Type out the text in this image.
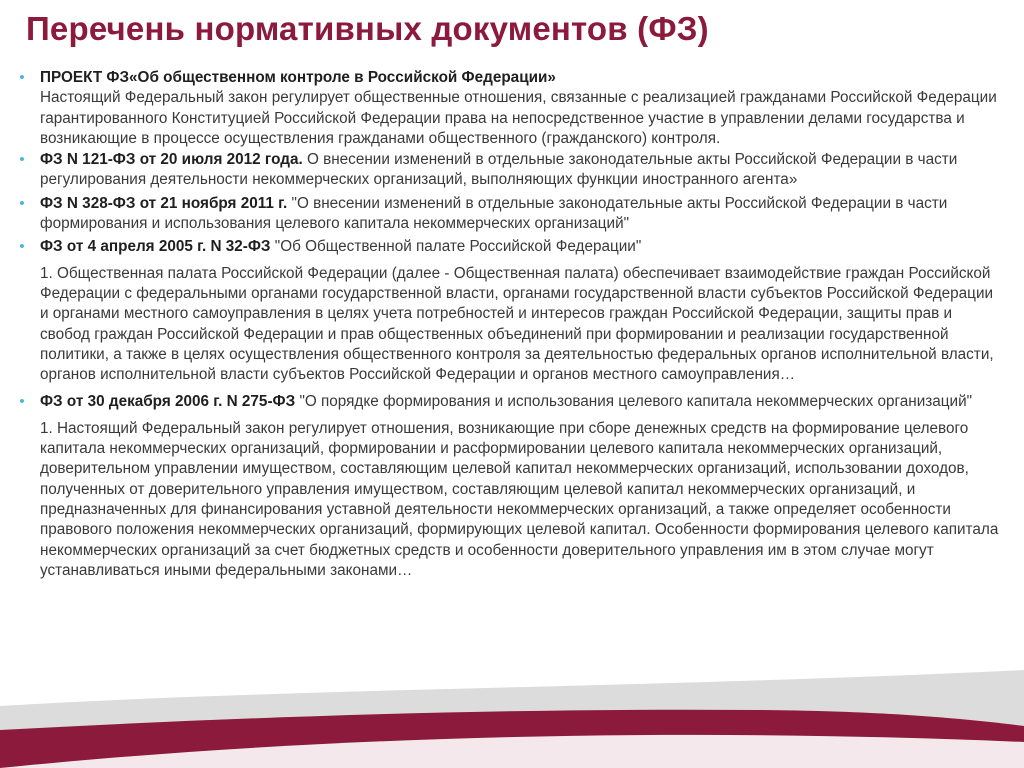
Перечень нормативных документов (ФЗ)
•	ПРОЕКТ ФЗ«Об общественном контроле в Российской Федерации»
Настоящий Федеральный закон регулирует общественные отношения, связанные с реализацией гражданами Российской Федерации гарантированного Конституцией Российской Федерации права на непосредственное участие в управлении делами государства и возникающие в процессе осуществления гражданами общественного (гражданского) контроля.
•	ФЗ N 121-ФЗ от 20 июля 2012 года. О внесении изменений в отдельные законодательные акты Российской Федерации в части регулирования деятельности некоммерческих организаций, выполняющих функции иностранного агента»
•	ФЗ N 328-ФЗ от 21 ноября 2011 г. "О внесении изменений в отдельные законодательные акты Российской Федерации в части формирования и использования целевого капитала некоммерческих организаций"
•	ФЗ от 4 апреля 2005 г. N 32-ФЗ "Об Общественной палате Российской Федерации"
1. Общественная палата Российской Федерации (далее - Общественная палата) обеспечивает взаимодействие граждан Российской Федерации с федеральными органами государственной власти, органами государственной власти субъектов Российской Федерации и органами местного самоуправления в целях учета потребностей и интересов граждан Российской Федерации, защиты прав и свобод граждан Российской Федерации и прав общественных объединений при формировании и реализации государственной политики, а также в целях осуществления общественного контроля за деятельностью федеральных органов исполнительной власти, органов исполнительной власти субъектов Российской Федерации и органов местного самоуправления…
•	ФЗ от 30 декабря 2006 г. N 275-ФЗ "О порядке формирования и использования целевого капитала некоммерческих организаций"
1. Настоящий Федеральный закон регулирует отношения, возникающие при сборе денежных средств на формирование целевого капитала некоммерческих организаций, формировании и расформировании целевого капитала некоммерческих организаций, доверительном управлении имуществом, составляющим целевой капитал некоммерческих организаций, использовании доходов, полученных от доверительного управления имуществом, составляющим целевой капитал некоммерческих организаций, и предназначенных для финансирования уставной деятельности некоммерческих организаций, а также определяет особенности правового положения некоммерческих организаций, формирующих целевой капитал. Особенности формирования целевого капитала некоммерческих организаций за счет бюджетных средств и особенности доверительного управления им в этом случае могут устанавливаться иными федеральными законами…
